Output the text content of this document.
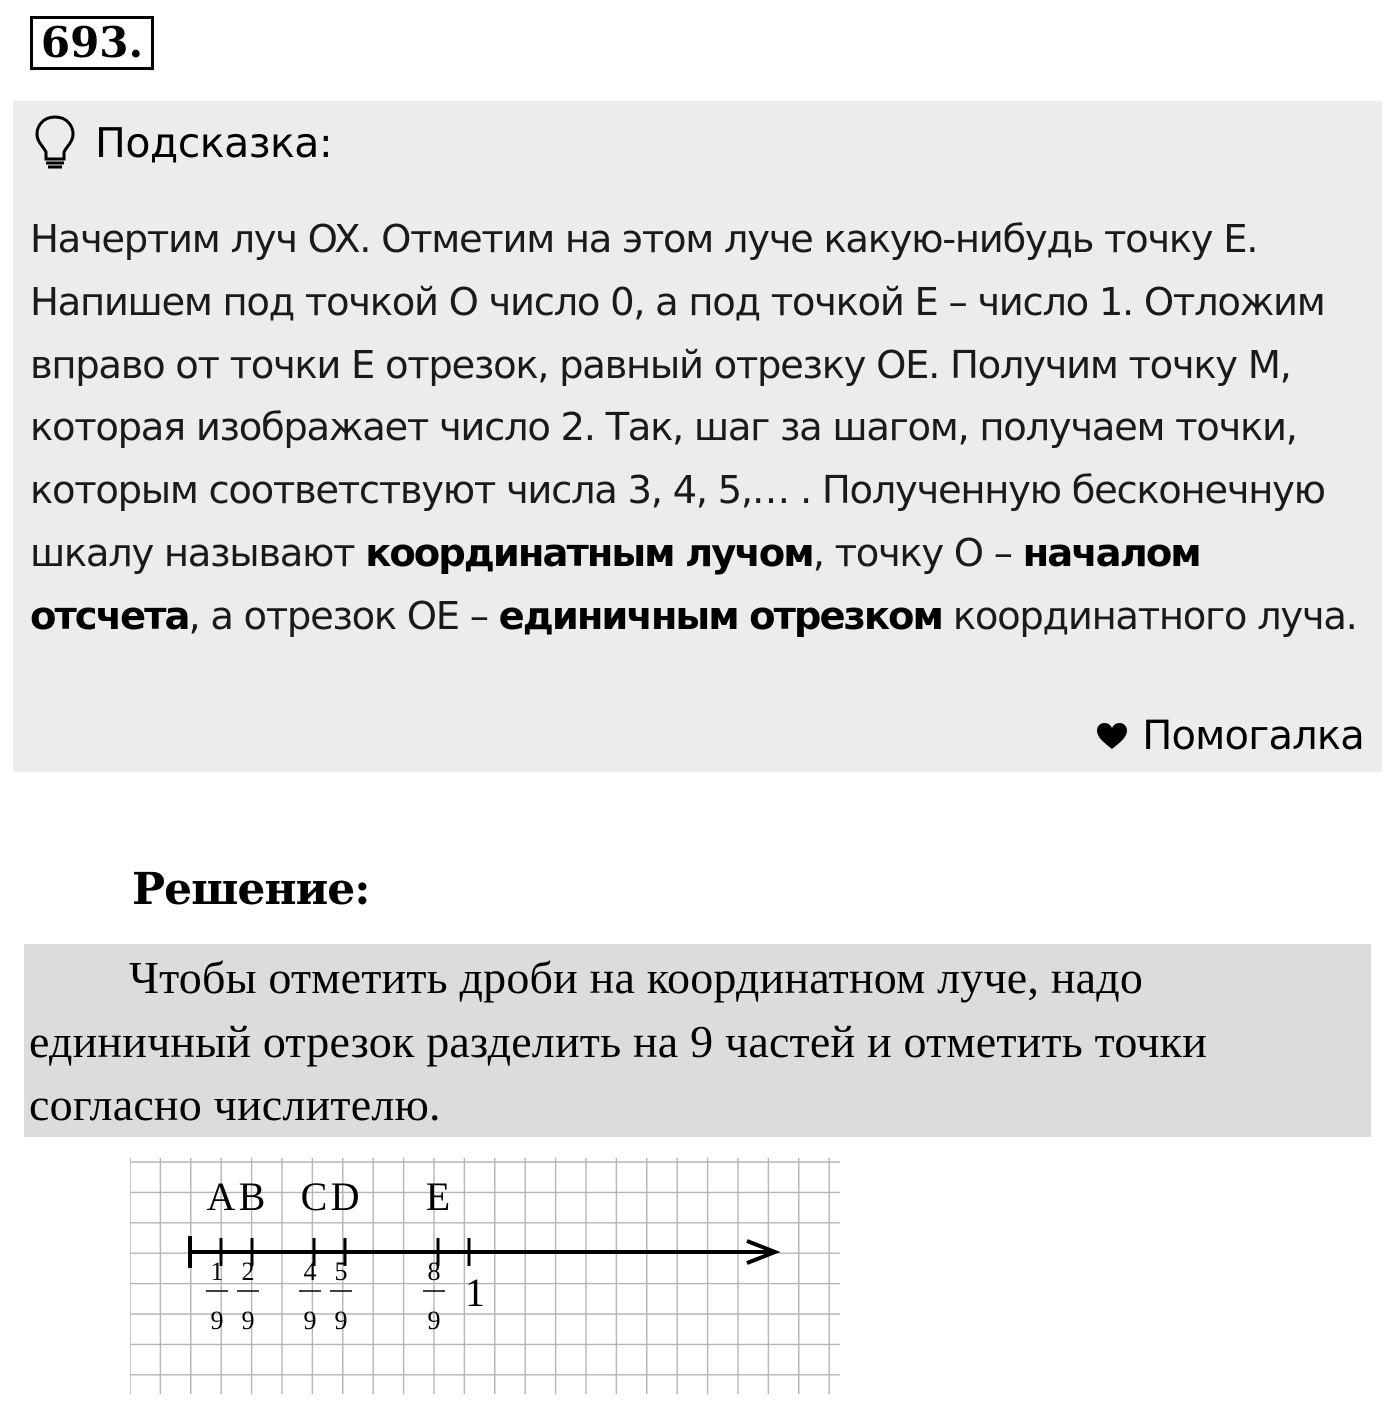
693.
Подсказка:

Начертим луч OX. Отметим на этом луче какую-нибудь точку E. Напишем под точкой O число 0, а под точкой E – число 1. Отложим вправо от точки E отрезок, равный отрезку OE. Получим точку M, которая изображает число 2. Так, шаг за шагом, получаем точки, которым соответствуют числа 3, 4, 5,… . Полученную бесконечную шкалу называют координатным лучом, точку O – началом отсчета, а отрезок OE – единичным отрезком координатного луча.

Помогалка
Решение:

Чтобы отметить дроби на координатном луче, надо единичный отрезок разделить на 9 частей и отметить точки согласно числителю.

A
1
9
B
2
9
C
4
9
D
5
9
E
8
9
1
